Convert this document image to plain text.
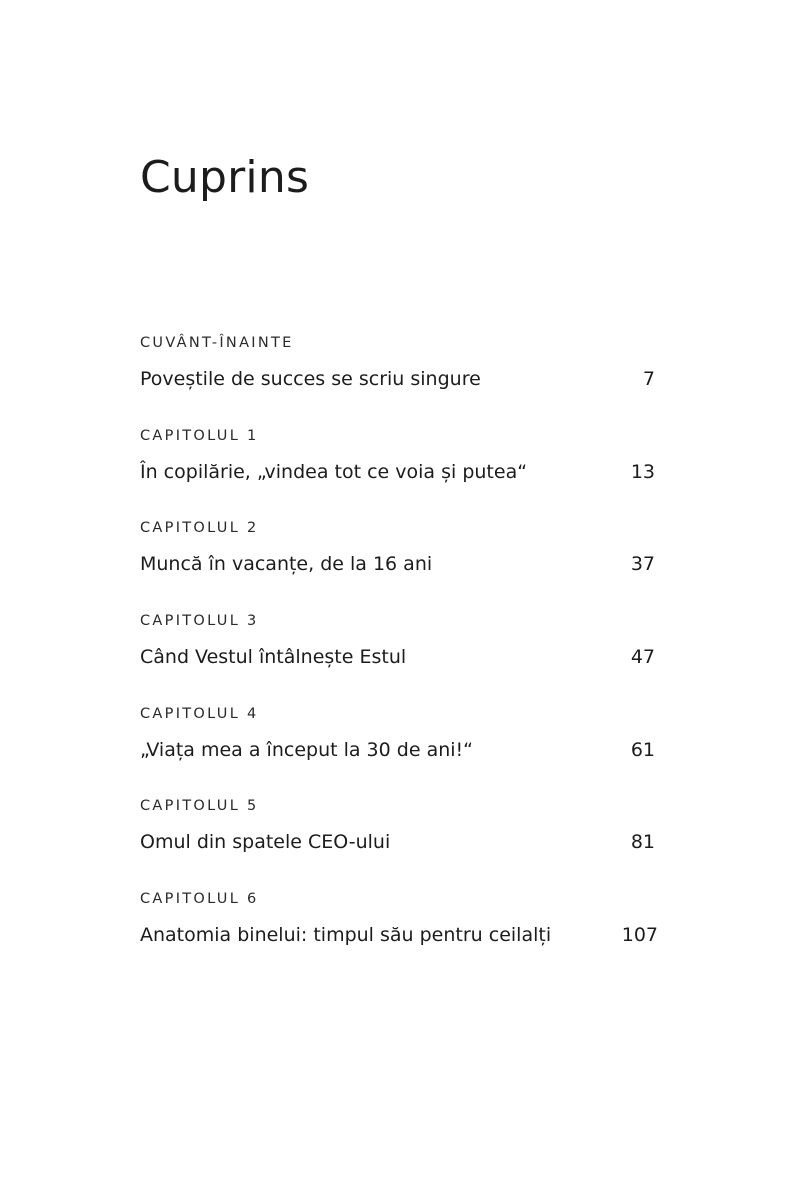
Cuprins
CUVÂNT-ÎNAINTE
Poveștile de succes se scriu singure	7
CAPITOLUL 1
În copilărie, „vindea tot ce voia și putea“	13
CAPITOLUL 2
Muncă în vacanțe, de la 16 ani	37
CAPITOLUL 3
Când Vestul întâlnește Estul	47
CAPITOLUL 4
„Viața mea a început la 30 de ani!“	61
CAPITOLUL 5
Omul din spatele CEO-ului	81
CAPITOLUL 6
Anatomia binelui: timpul său pentru ceilalți	107
